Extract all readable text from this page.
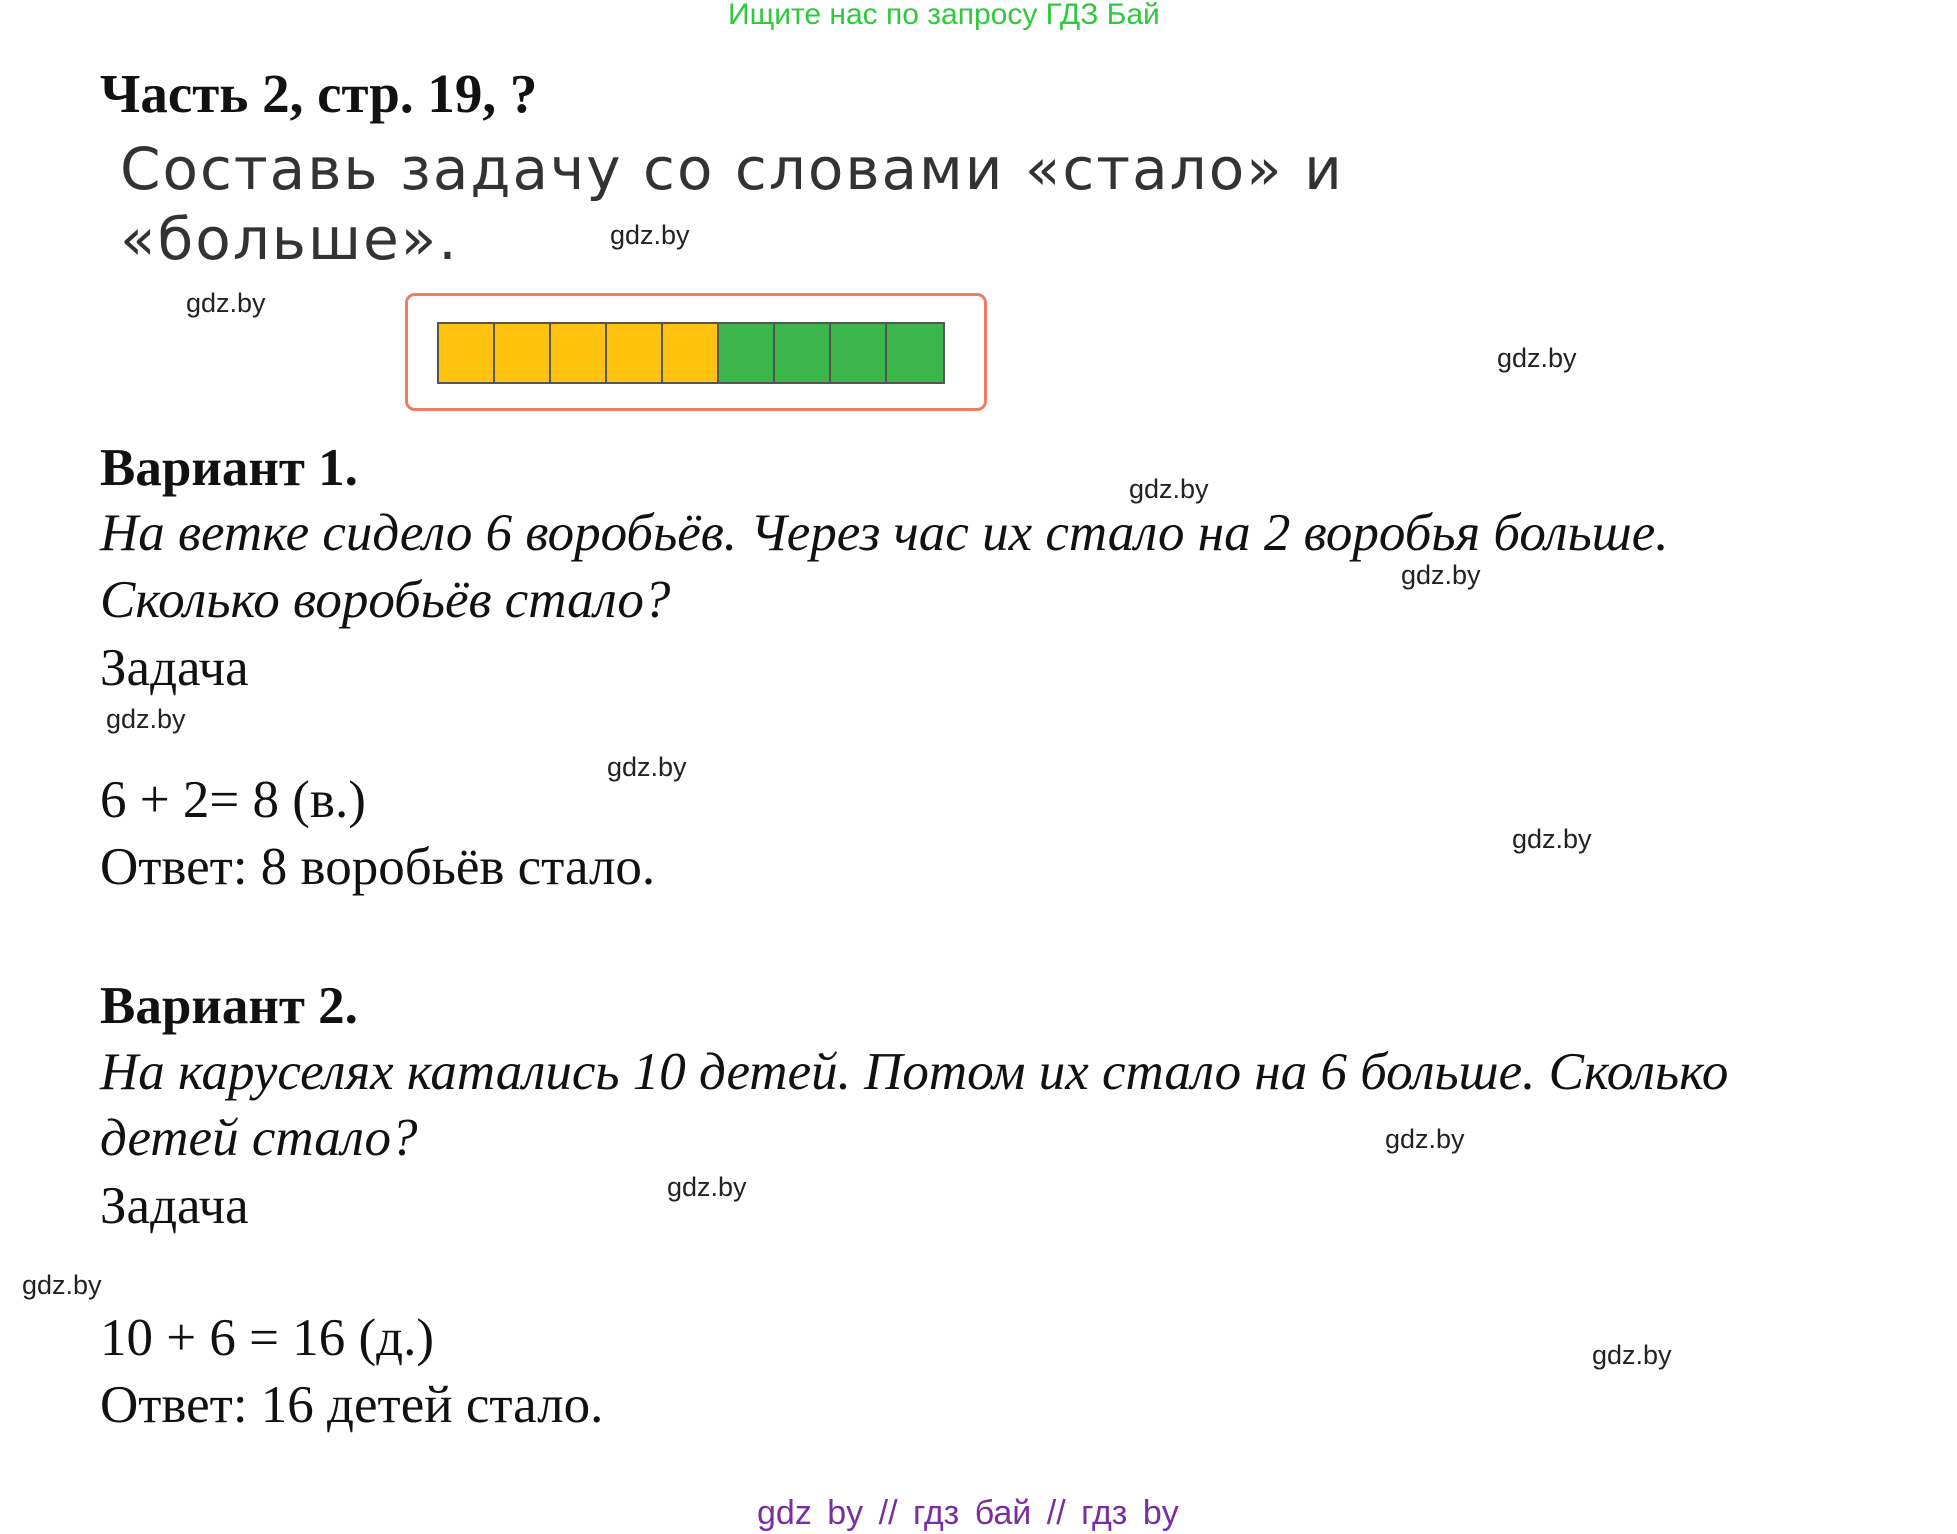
Ищите нас по запросу ГДЗ Бай
Часть 2, стр. 19, ?
Составь задачу со словами «стало» и
«больше».
Вариант 1.
На ветке сидело 6 воробьёв. Через час их стало на 2 воробья больше.
Сколько воробьёв стало?
Задача
6 + 2= 8 (в.)
Ответ: 8 воробьёв стало.
Вариант 2.
На каруселях катались 10 детей. Потом их стало на 6 больше. Сколько
детей стало?
Задача
10 + 6 = 16 (д.)
Ответ: 16 детей стало.
gdz.by
gdz.by
gdz.by
gdz.by
gdz.by
gdz.by
gdz.by
gdz.by
gdz.by
gdz.by
gdz.by
gdz.by
gdz by // гдз бай // гдз by
